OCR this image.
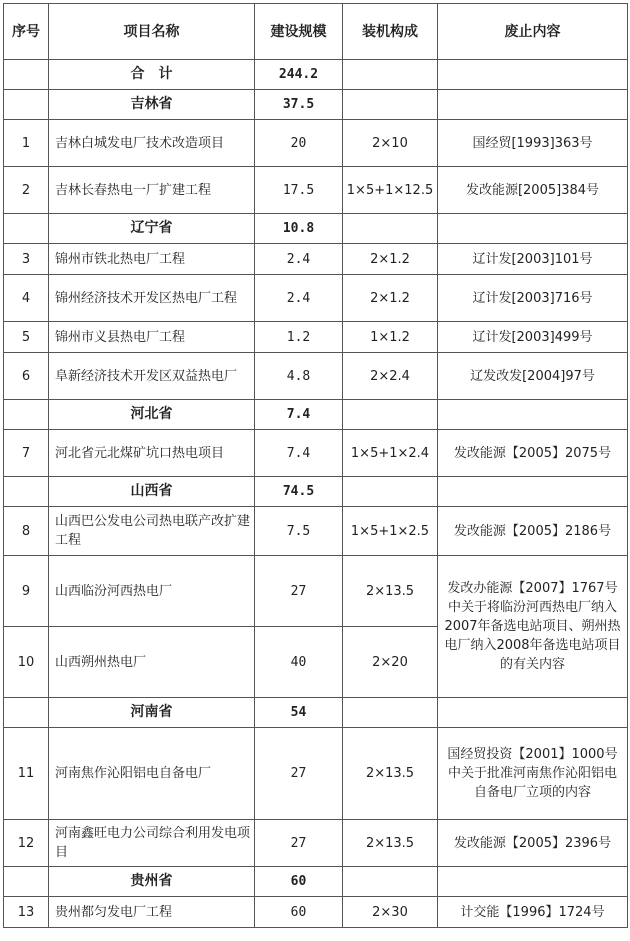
序号	项目名称	建设规模	装机构成	废止内容
	合　计	244.2		
	吉林省	37.5		
1	吉林白城发电厂技术改造项目	20	2×10	国经贸[1993]363号
2	吉林长春热电一厂扩建工程	17.5	1×5+1×12.5	发改能源[2005]384号
	辽宁省	10.8		
3	锦州市铁北热电厂工程	2.4	2×1.2	辽计发[2003]101号
4	锦州经济技术开发区热电厂工程	2.4	2×1.2	辽计发[2003]716号
5	锦州市义县热电厂工程	1.2	1×1.2	辽计发[2003]499号
6	阜新经济技术开发区双益热电厂	4.8	2×2.4	辽发改发[2004]97号
	河北省	7.4		
7	河北省元北煤矿坑口热电项目	7.4	1×5+1×2.4	发改能源【2005】2075号
	山西省	74.5		
8	山西巴公发电公司热电联产改扩建工程	7.5	1×5+1×2.5	发改能源【2005】2186号
9	山西临汾河西热电厂	27	2×13.5	发改办能源【2007】1767号中关于将临汾河西热电厂纳入2007年备选电站项目、朔州热电厂纳入2008年备选电站项目的有关内容
10	山西朔州热电厂	40	2×20	
	河南省	54		
11	河南焦作沁阳铝电自备电厂	27	2×13.5	国经贸投资【2001】1000号中关于批准河南焦作沁阳铝电自备电厂立项的内容
12	河南鑫旺电力公司综合利用发电项目	27	2×13.5	发改能源【2005】2396号
	贵州省	60		
13	贵州都匀发电厂工程	60	2×30	计交能【1996】1724号
